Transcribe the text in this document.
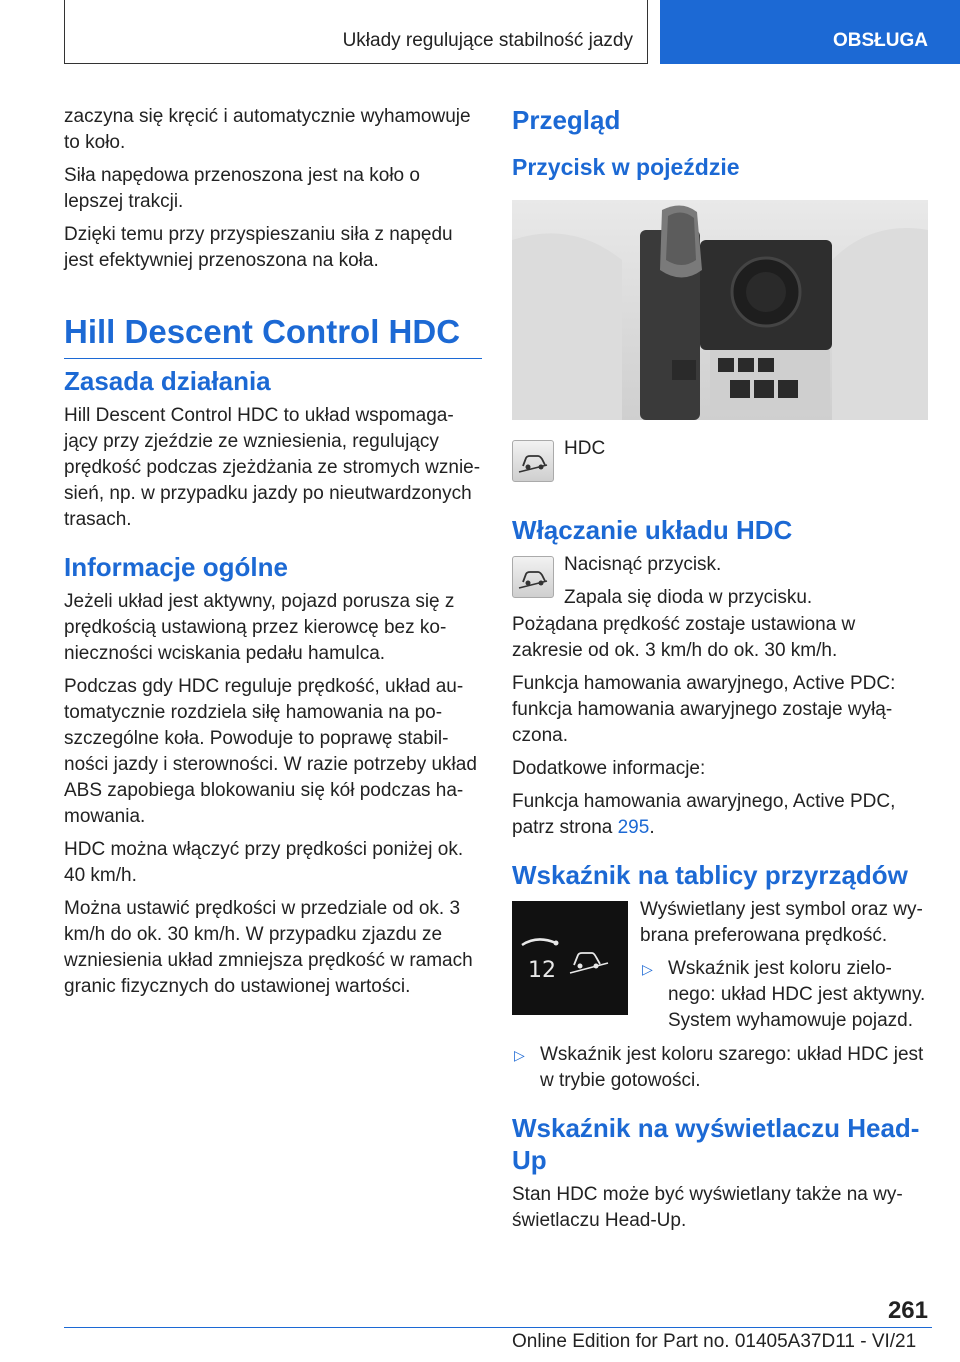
Układy regulujące stabilność jazdy	OBSŁUGA

zaczyna się kręcić i automatycznie wyhamowuje to koło.

Siła napędowa przenoszona jest na koło o lepszej trakcji.

Dzięki temu przy przyspieszaniu siła z napędu jest efektywniej przenoszona na koła.

Hill Descent Control HDC
Zasada działania

Hill Descent Control HDC to układ wspomaga-jący przy zjeździe ze wzniesienia, regulujący prędkość podczas zjeżdżania ze stromych wznie-sień, np. w przypadku jazdy po nieutwardzonych trasach.

Informacje ogólne

Jeżeli układ jest aktywny, pojazd porusza się z prędkością ustawioną przez kierowcę bez ko-nieczności wciskania pedału hamulca.

Podczas gdy HDC reguluje prędkość, układ au-tomatycznie rozdziela siłę hamowania na po-szczególne koła. Powoduje to poprawę stabil-ności jazdy i sterowności. W razie potrzeby układ ABS zapobiega blokowaniu się kół podczas ha-mowania.

HDC można włączyć przy prędkości poniżej ok. 40 km/h.

Można ustawić prędkości w przedziale od ok. 3 km/h do ok. 30 km/h. W przypadku zjazdu ze wzniesienia układ zmniejsza prędkość w ramach granic fizycznych do ustawionej wartości.

Przegląd
Przycisk w pojeździe
HDC
Włączanie układu HDC

Nacisnąć przycisk.

Zapala się dioda w przycisku.

Pożądana prędkość zostaje ustawiona w zakresie od ok. 3 km/h do ok. 30 km/h.

Funkcja hamowania awaryjnego, Active PDC: funkcja hamowania awaryjnego zostaje wyłą-czona.

Dodatkowe informacje:

Funkcja hamowania awaryjnego, Active PDC, patrz strona 295.

Wskaźnik na tablicy przyrządów
12

Wyświetlany jest symbol oraz wy-brana preferowana prędkość.

▷ Wskaźnik jest koloru zielo-nego: układ HDC jest aktywny. System wyhamowuje pojazd.
▷ Wskaźnik jest koloru szarego: układ HDC jest w trybie gotowości.
Wskaźnik na wyświetlaczu Head-Up

Stan HDC może być wyświetlany także na wy-świetlaczu Head-Up.

261
Online Edition for Part no. 01405A37D11 - VI/21
